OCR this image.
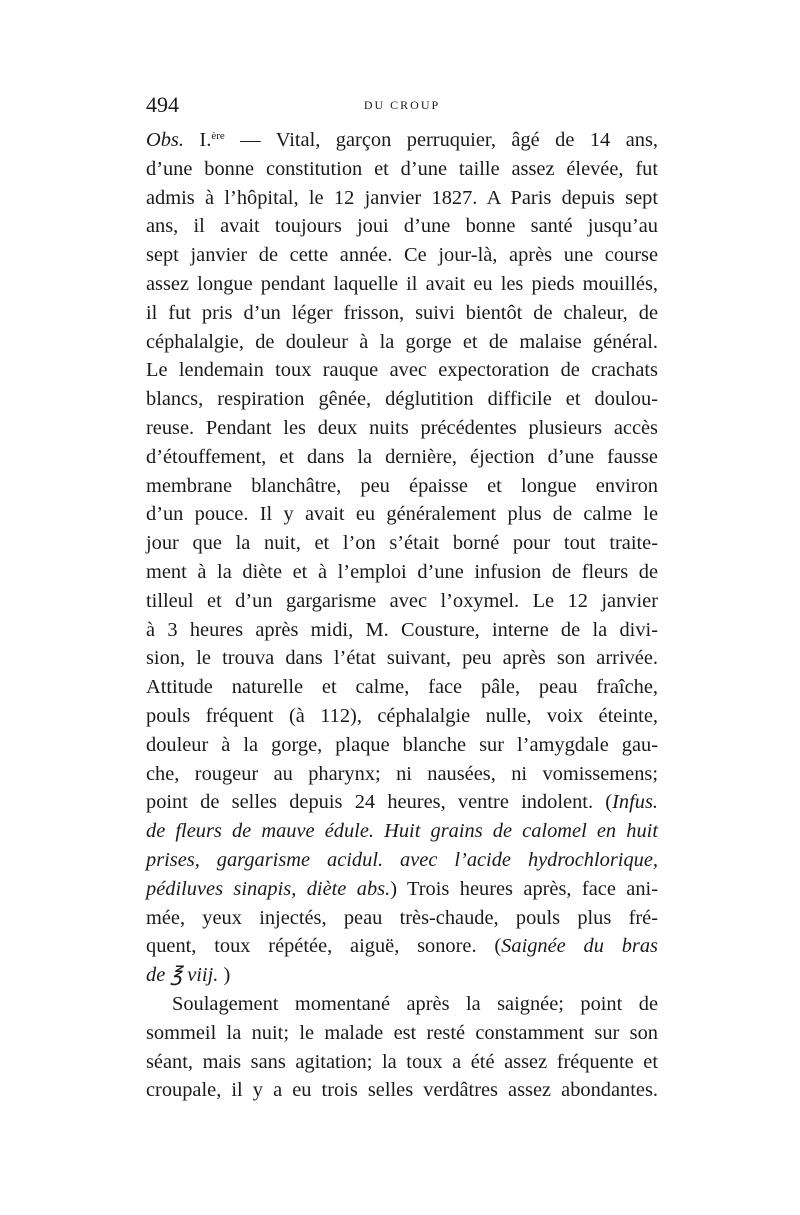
494	DU CROUP
Obs. I.$^{ère}$ — Vital, garçon perruquier, âgé de 14 ans,
d’une bonne constitution et d’une taille assez élevée, fut
admis à l’hôpital, le 12 janvier 1827. A Paris depuis sept
ans, il avait toujours joui d’une bonne santé jusqu’au
sept janvier de cette année. Ce jour-là, après une course
assez longue pendant laquelle il avait eu les pieds mouillés,
il fut pris d’un léger frisson, suivi bientôt de chaleur, de
céphalalgie, de douleur à la gorge et de malaise général.
Le lendemain toux rauque avec expectoration de crachats
blancs, respiration gênée, déglutition difficile et doulou-
reuse. Pendant les deux nuits précédentes plusieurs accès
d’étouffement, et dans la dernière, éjection d’une fausse
membrane blanchâtre, peu épaisse et longue environ
d’un pouce. Il y avait eu généralement plus de calme le
jour que la nuit, et l’on s’était borné pour tout traite-
ment à la diète et à l’emploi d’une infusion de fleurs de
tilleul et d’un gargarisme avec l’oxymel. Le 12 janvier
à 3 heures après midi, M. Cousture, interne de la divi-
sion, le trouva dans l’état suivant, peu après son arrivée.
Attitude naturelle et calme, face pâle, peau fraîche,
pouls fréquent (à 112), céphalalgie nulle, voix éteinte,
douleur à la gorge, plaque blanche sur l’amygdale gau-
che, rougeur au pharynx; ni nausées, ni vomissemens;
point de selles depuis 24 heures, ventre indolent. (Infus.
de fleurs de mauve édule. Huit grains de calomel en huit
prises, gargarisme acidul. avec l’acide hydrochlorique,
pédiluves sinapis, diète abs.) Trois heures après, face ani-
mée, yeux injectés, peau très-chaude, pouls plus fré-
quent, toux répétée, aiguë, sonore. (Saignée du bras
de ℥ viij. )
Soulagement momentané après la saignée; point de
sommeil la nuit; le malade est resté constamment sur son
séant, mais sans agitation; la toux a été assez fréquente et
croupale, il y a eu trois selles verdâtres assez abondantes.
